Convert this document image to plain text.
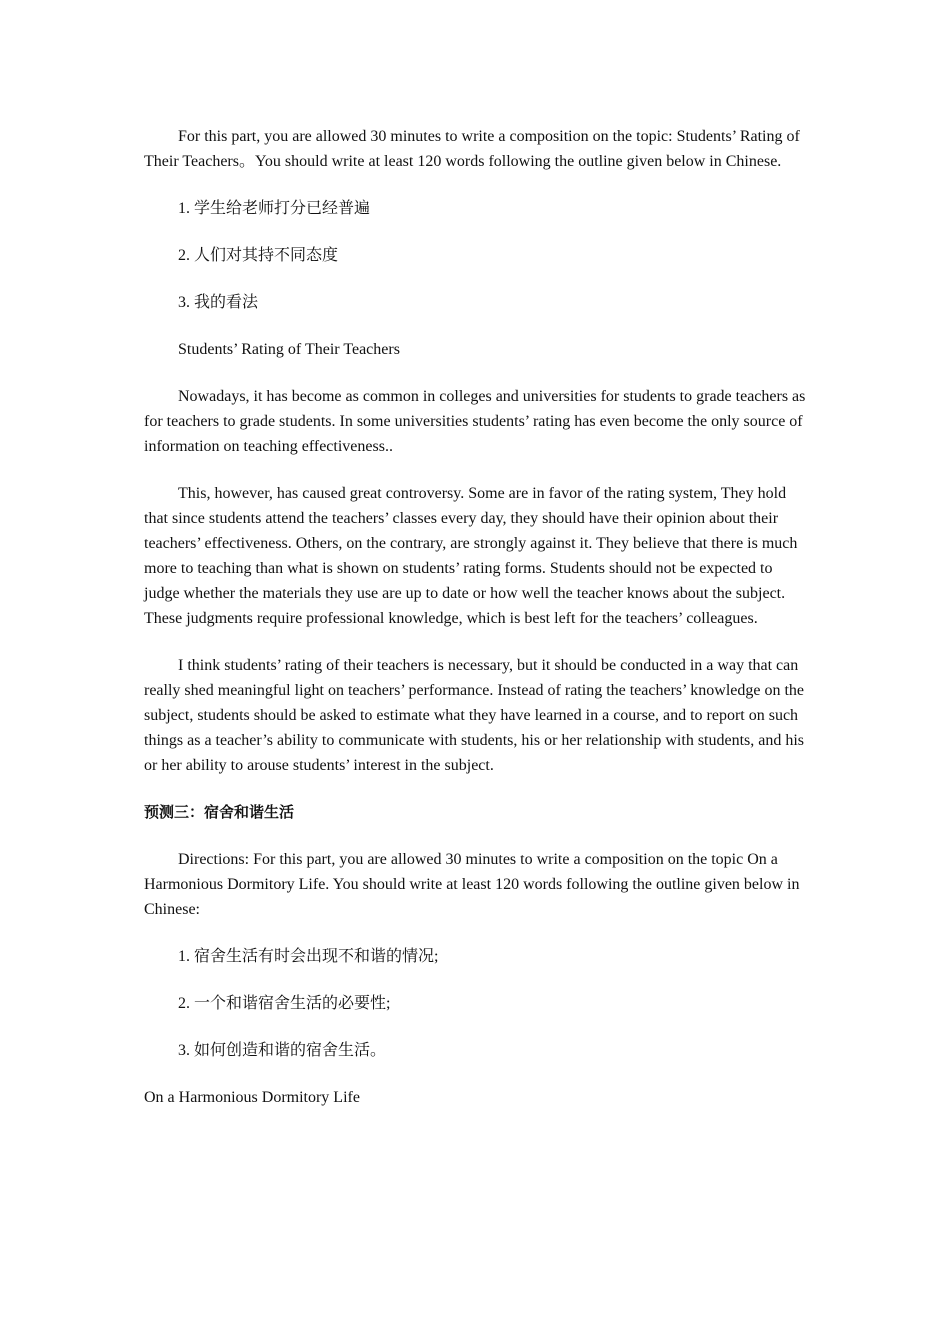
For this part, you are allowed 30 minutes to write a composition on the topic: Students’ Rating of Their Teachers。You should write at least 120 words following the outline given below in Chinese.

1. 学生给老师打分已经普遍

2. 人们对其持不同态度

3. 我的看法

Students’ Rating of Their Teachers

Nowadays, it has become as common in colleges and universities for students to grade teachers as for teachers to grade students. In some universities students’ rating has even become the only source of information on teaching effectiveness..

This, however, has caused great controversy. Some are in favor of the rating system, They hold that since students attend the teachers’ classes every day, they should have their opinion about their teachers’ effectiveness. Others, on the contrary, are strongly against it. They believe that there is much more to teaching than what is shown on students’ rating forms. Students should not be expected to judge whether the materials they use are up to date or how well the teacher knows about the subject. These judgments require professional knowledge, which is best left for the teachers’ colleagues.

I think students’ rating of their teachers is necessary, but it should be conducted in a way that can really shed meaningful light on teachers’ performance. Instead of rating the teachers’ knowledge on the subject, students should be asked to estimate what they have learned in a course, and to report on such things as a teacher’s ability to communicate with students, his or her relationship with students, and his or her ability to arouse students’ interest in the subject.

预测三：宿舍和谐生活

Directions: For this part, you are allowed 30 minutes to write a composition on the topic On a Harmonious Dormitory Life. You should write at least 120 words following the outline given below in Chinese:

1. 宿舍生活有时会出现不和谐的情况;

2. 一个和谐宿舍生活的必要性;

3. 如何创造和谐的宿舍生活。

On a Harmonious Dormitory Life
